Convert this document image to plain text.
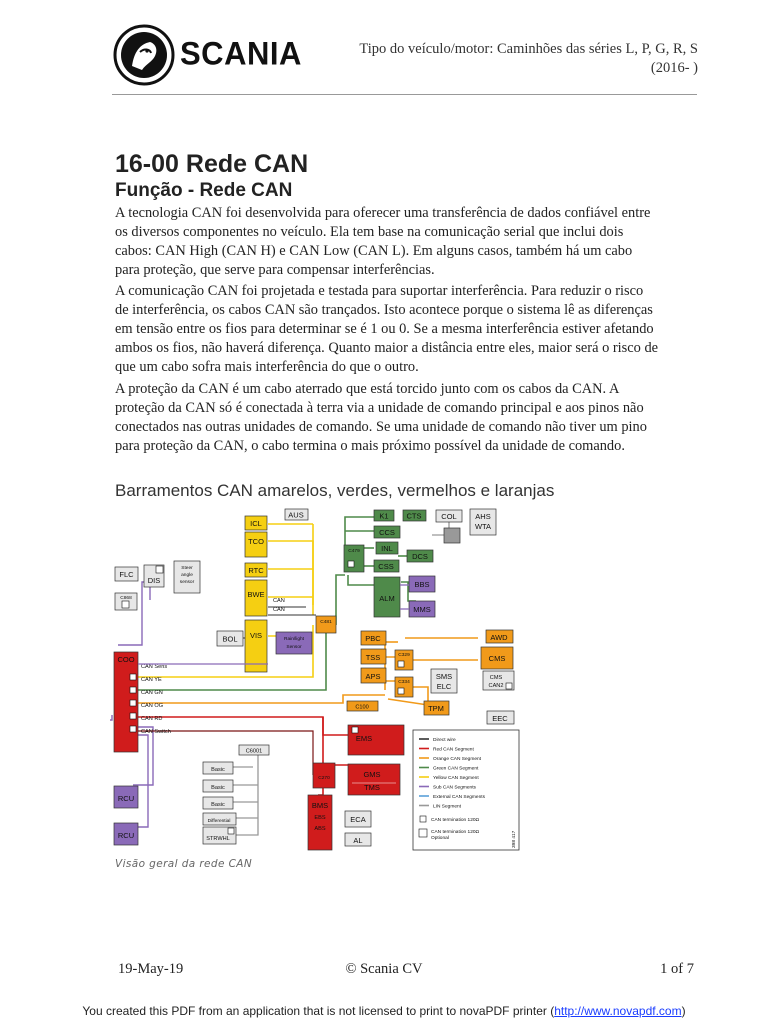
SCANIA	Tipo do veículo/motor: Caminhões das séries L, P, G, R, S
(2016- )
16-00 Rede CAN
Função - Rede CAN

A tecnologia CAN foi desenvolvida para oferecer uma transferência de dados confiável entre os diversos componentes no veículo. Ela tem base na comunicação serial que inclui dois cabos: CAN High (CAN H) e CAN Low (CAN L). Em alguns casos, também há um cabo para proteção, que serve para compensar interferências.

A comunicação CAN foi projetada e testada para suportar interferência. Para reduzir o risco de interferência, os cabos CAN são trançados. Isto acontece porque o sistema lê as diferenças em tensão entre os fios para determinar se é 1 ou 0. Se a mesma interferência estiver afetando ambos os fios, não haverá diferença. Quanto maior a distância entre eles, maior será o risco de que um cabo sofra mais interferência do que o outro.

A proteção da CAN é um cabo aterrado que está torcido junto com os cabos da CAN. A proteção da CAN só é conectada à terra via a unidade de comando principal e aos pinos não conectados nas outras unidades de comando. Se uma unidade de comando não tiver um pino para proteção da CAN, o cabo termina o mais próximo possível da unidade de comando.

Barramentos CAN amarelos, verdes, vermelhos e laranjas
ICL
AUS
TCO
RTC
BWE
CAN
CAN
VIS
BOL	Rain/light
Sensor
C481
FLC
DIS
Steer
angle
sensor
C868
COO
CAN Sens
CAN YE
CAN GN
CAN OG
CAN RD
CAN Switch
RCU
RCU
C6001
Basic
Basic
Basic
Differential
STRWHL
K1 CTS	COL AHS
WTA
CCS
C479	INL
DCS
CSS
ALM
BBS
MMS
PBC	AWD
TSS	C329	CMS
APS
C334
SMS
ELC
CMS
CAN2
C100	TPM
EEC
EMS
C270	GMS
TMS
BMS
EBS
ABS
ECA
AL
Direct wire
Red CAN Segment
Orange CAN Segment
Green CAN Segment
Yellow CAN Segment
Sub CAN Segments
External CAN Segments
LIN Segment
CAN termination 120Ω
CAN termination 120Ω
Optional	398 417
Visão geral da rede CAN
© Scania CV
19-May-19	1 of 7
You created this PDF from an application that is not licensed to print to novaPDF printer (http://www.novapdf.com)
